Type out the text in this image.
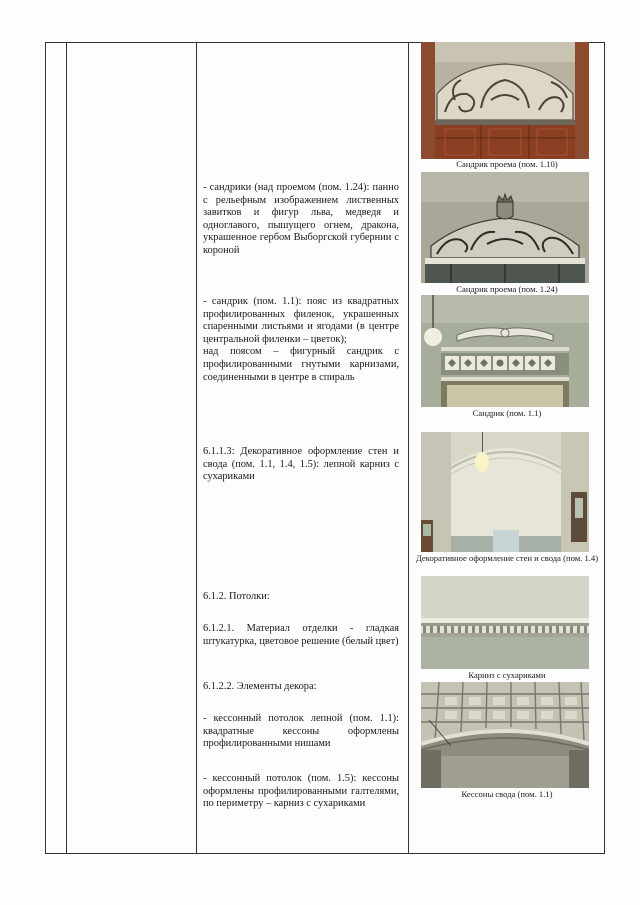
- сандрики (над проемом (пом. 1.24): панно с рельефным изображением лиственных завитков и фигур льва, медведя и одноглавого, пышущего огнем, дракона, украшенное гербом Выборгской губернии с короной

- сандрик (пом. 1.1): пояс из квадратных профилированных филенок, украшенных спаренными листьями и ягодами (в центре центральной филенки – цветок);

над поясом – фигурный сандрик с профилированными гнутыми карнизами, соединенными в центре в спираль

6.1.1.3: Декоративное оформление стен и свода (пом. 1.1, 1.4, 1.5): лепной карниз с сухариками

6.1.2. Потолки:

6.1.2.1. Материал отделки - гладкая штукатурка, цветовое решение (белый цвет)

6.1.2.2. Элементы декора:

- кессонный потолок лепной (пом. 1.1): квадратные кессоны оформлены профилированными нишами

- кессонный потолок (пом. 1.5): кессоны оформлены профилированными галтелями, по периметру – карниз с сухариками

Сандрик проема (пом. 1.10)
Сандрик проема (пом. 1.24)
Сандрик (пом. 1.1)
Декоративное оформление стен и свода (пом. 1.4)
Карниз с сухариками
Кессоны свода (пом. 1.1)
